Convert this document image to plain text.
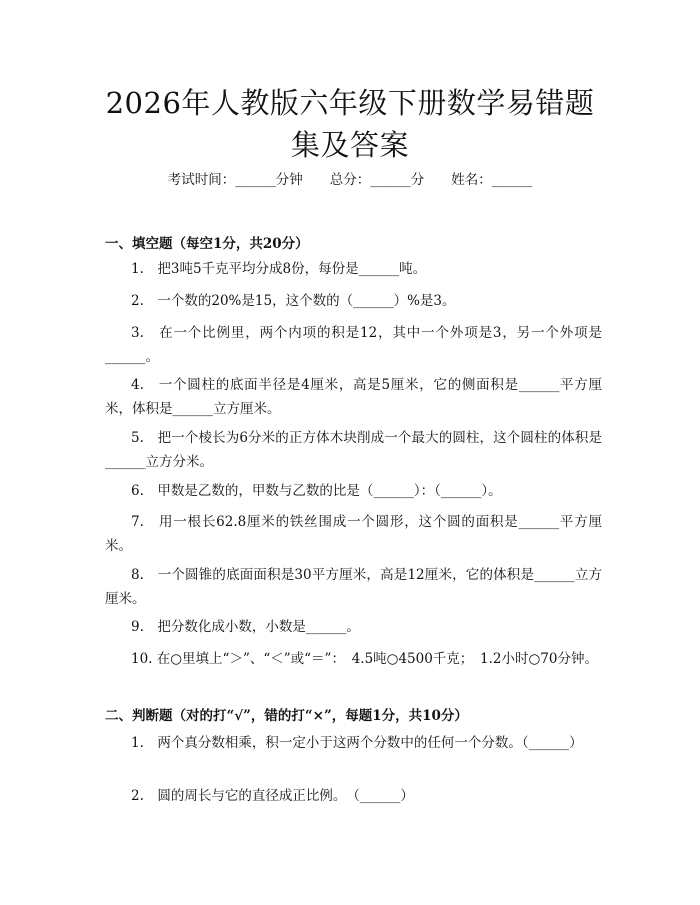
2026年人教版六年级下册数学易错题集及答案
考试时间：______分钟　　 总分：______分　　 姓名：______
一、填空题（每空1分，共20分）
1.　把3吨5千克平均分成8份，每份是______吨。
2.　一个数的20%是15，这个数的（______）%是3。
3.　在一个比例里，两个内项的积是12，其中一个外项是3，另一个外项是______。
4.　一个圆柱的底面半径是4厘米，高是5厘米，它的侧面积是______平方厘米，体积是______立方厘米。
5.　把一个棱长为6分米的正方体木块削成一个最大的圆柱，这个圆柱的体积是______立方分米。
6.　甲数是乙数的，甲数与乙数的比是（______）：（______）。
7.　用一根长62.8厘米的铁丝围成一个圆形，这个圆的面积是______平方厘米。
8.　一个圆锥的底面面积是30平方厘米，高是12厘米，它的体积是______立方厘米。
9.　把分数化成小数，小数是______。
10. 在○里填上“＞”、“＜”或“＝”：　4.5吨○4500千克；　1.2小时○70分钟。
二、判断题（对的打“√”，错的打“×”，每题1分，共10分）
1.　两个真分数相乘，积一定小于这两个分数中的任何一个分数。（______）
2.　圆的周长与它的直径成正比例。　（______）
